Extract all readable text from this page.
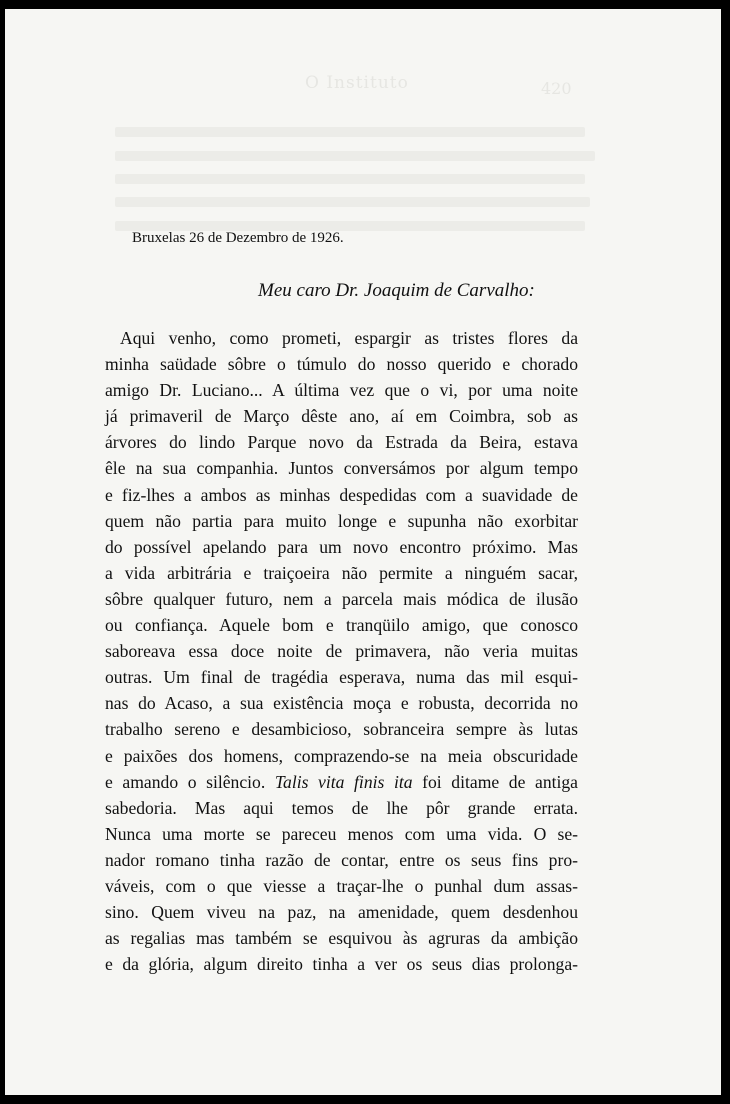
O Instituto	420
Bruxelas 26 de Dezembro de 1926.
Meu caro Dr. Joaquim de Carvalho:
Aqui venho, como prometi, espargir as tristes flores da
minha saüdade sôbre o túmulo do nosso querido e chorado
amigo Dr. Luciano... A última vez que o vi, por uma noite
já primaveril de Março dêste ano, aí em Coimbra, sob as
árvores do lindo Parque novo da Estrada da Beira, estava
êle na sua companhia. Juntos conversámos por algum tempo
e fiz-lhes a ambos as minhas despedidas com a suavidade de
quem não partia para muito longe e supunha não exorbitar
do possível apelando para um novo encontro próximo. Mas
a vida arbitrária e traiçoeira não permite a ninguém sacar,
sôbre qualquer futuro, nem a parcela mais módica de ilusão
ou confiança. Aquele bom e tranqüilo amigo, que conosco
saboreava essa doce noite de primavera, não veria muitas
outras. Um final de tragédia esperava, numa das mil esqui-
nas do Acaso, a sua existência moça e robusta, decorrida no
trabalho sereno e desambicioso, sobranceira sempre às lutas
e paixões dos homens, comprazendo-se na meia obscuridade
e amando o silêncio. Talis vita finis ita foi ditame de antiga
sabedoria. Mas aqui temos de lhe pôr grande errata.
Nunca uma morte se pareceu menos com uma vida. O se-
nador romano tinha razão de contar, entre os seus fins pro-
váveis, com o que viesse a traçar-lhe o punhal dum assas-
sino. Quem viveu na paz, na amenidade, quem desdenhou
as regalias mas também se esquivou às agruras da ambição
e da glória, algum direito tinha a ver os seus dias prolonga-
